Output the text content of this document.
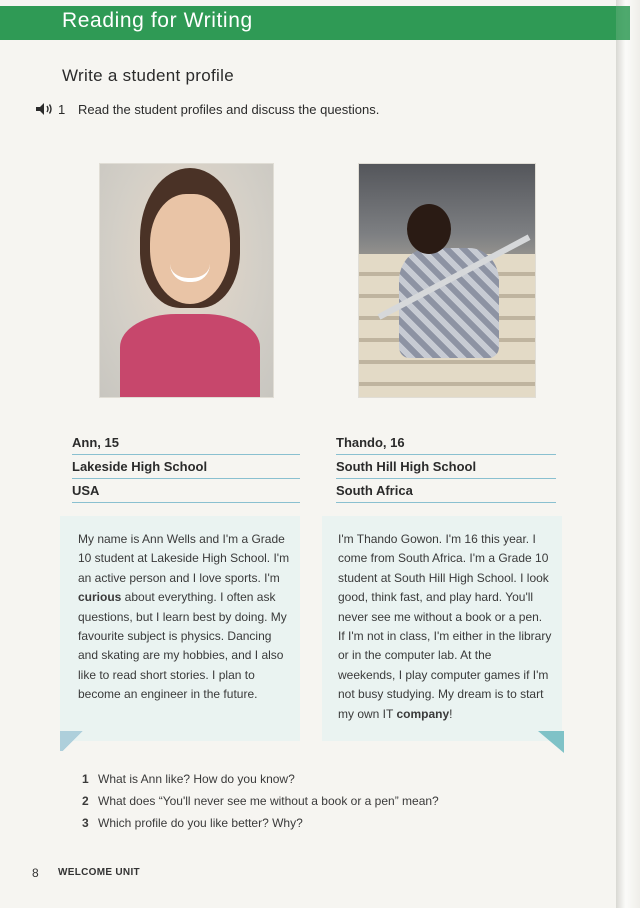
Reading for Writing
Write a student profile
1 Read the student profiles and discuss the questions.
Ann, 15
Lakeside High School
USA
Thando, 16
South Hill High School
South Africa

My name is Ann Wells and I'm a Grade 10 student at Lakeside High School. I'm an active person and I love sports. I'm curious about everything. I often ask questions, but I learn best by doing. My favourite subject is physics. Dancing and skating are my hobbies, and I also like to read short stories. I plan to become an engineer in the future.

I'm Thando Gowon. I'm 16 this year. I come from South Africa. I'm a Grade 10 student at South Hill High School. I look good, think fast, and play hard. You'll never see me without a book or a pen. If I'm not in class, I'm either in the library or in the computer lab. At the weekends, I play computer games if I'm not busy studying. My dream is to start my own IT company!

1 What is Ann like? How do you know?
2 What does “You'll never see me without a book or a pen” mean?
3 Which profile do you like better? Why?
8 WELCOME UNIT
